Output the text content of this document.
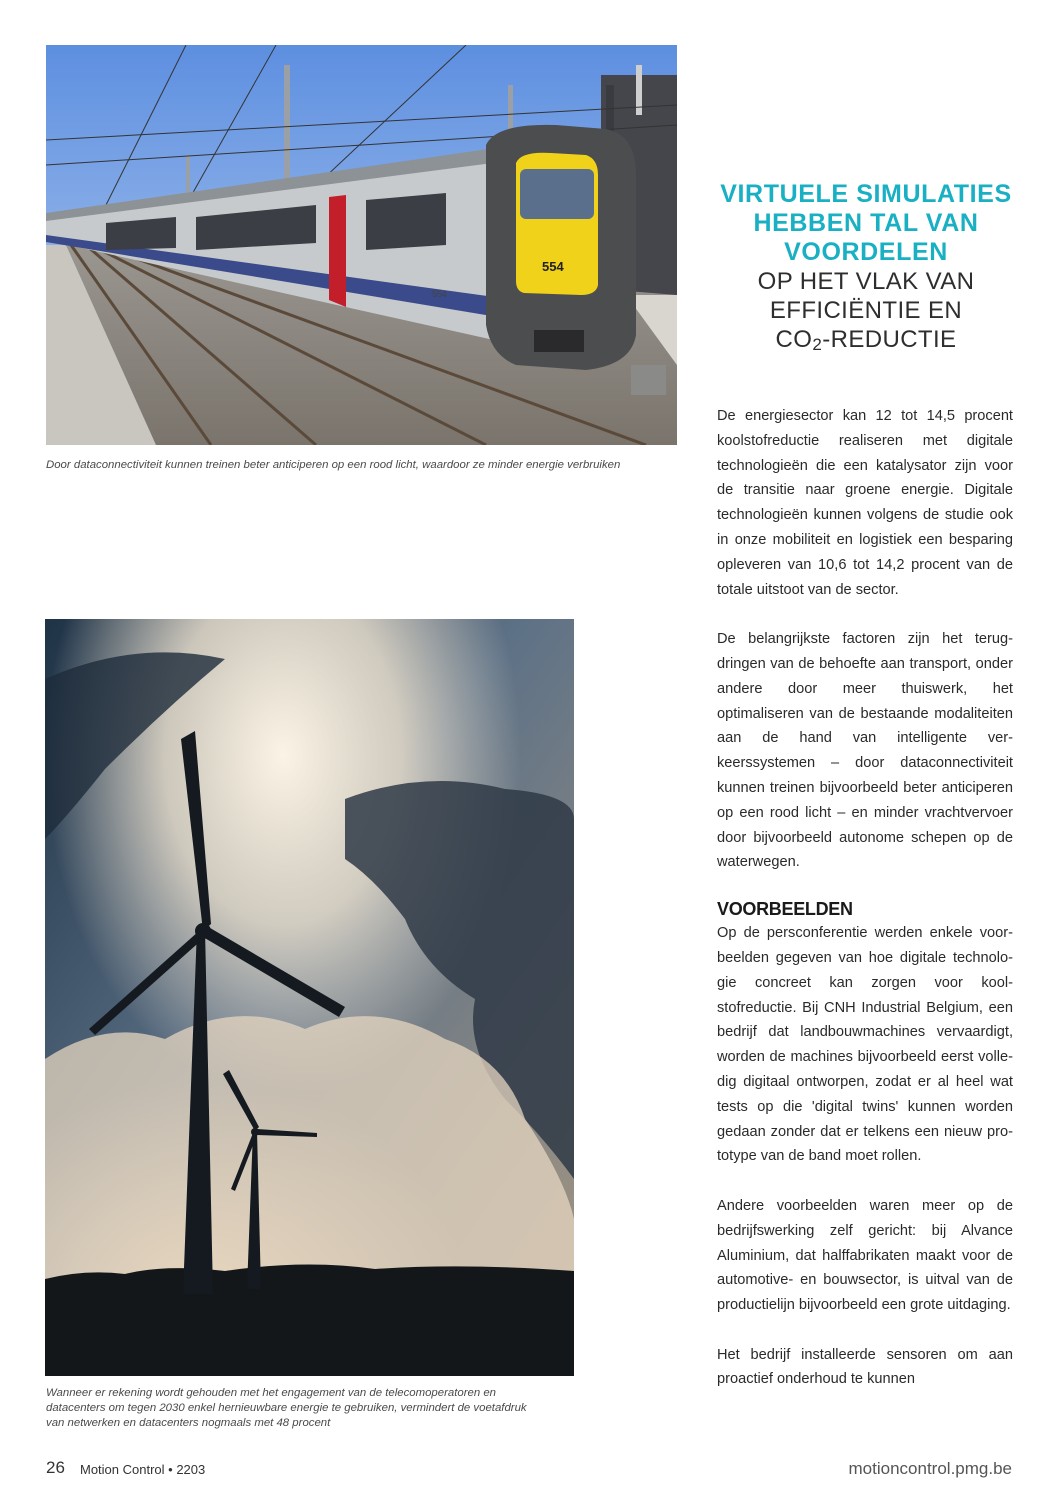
554
554
Door dataconnectiviteit kunnen treinen beter anticiperen op een rood licht, waardoor ze minder energie verbruiken
Wanneer er rekening wordt gehouden met het engagement van de telecomoperatoren en datacenters om tegen 2030 enkel hernieuwbare energie te gebruiken, vermindert de voetafdruk van netwerken en datacenters nogmaals met 48 procent
VIRTUELE SIMULATIES
HEBBEN TAL VAN
VOORDELEN
OP HET VLAK VAN
EFFICIËNTIE EN
$CO_2$-REDUCTIE

De energiesector kan 12 tot 14,5 procent koolstofreductie realiseren met digitale technologieën die een katalysator zijn voor de transitie naar groene energie. Digitale technologieën kunnen volgens de studie ook in onze mobiliteit en logistiek een besparing opleveren van 10,6 tot 14,2 procent van de totale uitstoot van de sector.

De belangrijkste factoren zijn het terugdringen van de behoefte aan transport, onder andere door meer thuiswerk, het optimaliseren van de bestaande modaliteiten aan de hand van intelligente verkeerssystemen – door dataconnectiviteit kunnen treinen bijvoorbeeld beter anticiperen op een rood licht – en minder vrachtvervoer door bijvoorbeeld autonome schepen op de waterwegen.

VOORBEELDEN

Op de persconferentie werden enkele voorbeelden gegeven van hoe digitale technologie concreet kan zorgen voor koolstofreductie. Bij CNH Industrial Belgium, een bedrijf dat landbouwmachines vervaardigt, worden de machines bijvoorbeeld eerst volledig digitaal ontworpen, zodat er al heel wat tests op die 'digital twins' kunnen worden gedaan zonder dat er telkens een nieuw prototype van de band moet rollen.

Andere voorbeelden waren meer op de bedrijfswerking zelf gericht: bij Alvance Aluminium, dat halffabrikaten maakt voor de automotive- en bouwsector, is uitval van de productielijn bijvoorbeeld een grote uitdaging.

Het bedrijf installeerde sensoren om aan proactief onderhoud te kunnen

26 Motion Control • 2203	motioncontrol.pmg.be
